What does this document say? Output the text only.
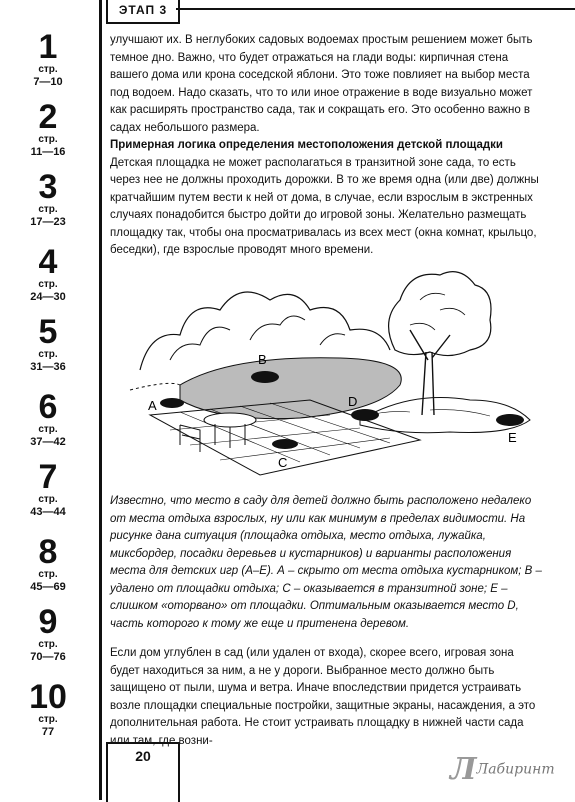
1
стр.
7—10
2
стр.
11—16
3
стр.
17—23
4
стр.
24—30
5
стр.
31—36
6
стр.
37—42
7
стр.
43—44
8
стр.
45—69
9
стр.
70—76
10
стр.
77
ЭТАП 3

улучшают их. В неглубоких садовых водоемах простым решением может быть темное дно. Важно, что будет отражаться на глади воды: кирпичная стена вашего дома или крона соседской яблони. Это тоже повлияет на выбор места под водоем. Надо сказать, что то или иное отражение в воде визуально может как расширять пространство сада, так и сокращать его. Это особенно важно в садах небольшого размера.

Примерная логика определения местоположения детской площадки

Детская площадка не может располагаться в транзитной зоне сада, то есть через нее не должны проходить дорожки. В то же время одна (или две) должны кратчайшим путем вести к ней от дома, в случае, если взрослым в экстренных случаях понадобится быстро дойти до игровой зоны. Желательно размещать площадку так, чтобы она просматривалась из всех мест (окна комнат, крыльцо, беседки), где взрослые проводят много времени.

A
B
C
D
E
Известно, что место в саду для детей должно быть расположено недалеко от места отдыха взрослых, ну или как минимум в пределах видимости. На рисунке дана ситуация (площадка отдыха, место отдыха, лужайка, миксбордер, посадки деревьев и кустарников) и варианты расположения места для детских игр (А–Е). А – скрыто от места отдыха кустарником; В – удалено от площадки отдыха; С – оказывается в транзитной зоне; Е – слишком «оторвано» от площадки. Оптимальным оказывается место D, часть которого к тому же еще и притенена деревом.
Если дом углублен в сад (или удален от входа), скорее всего, игровая зона будет находиться за ним, а не у дороги. Выбранное место должно быть защищено от пыли, шума и ветра. Иначе впоследствии придется устраивать возле площадки специальные постройки, защитные экраны, насаждения, а это дополнительная работа. Не стоит устраивать площадку в нижней части сада или там, где возни-
20	ЛЛабиринт
